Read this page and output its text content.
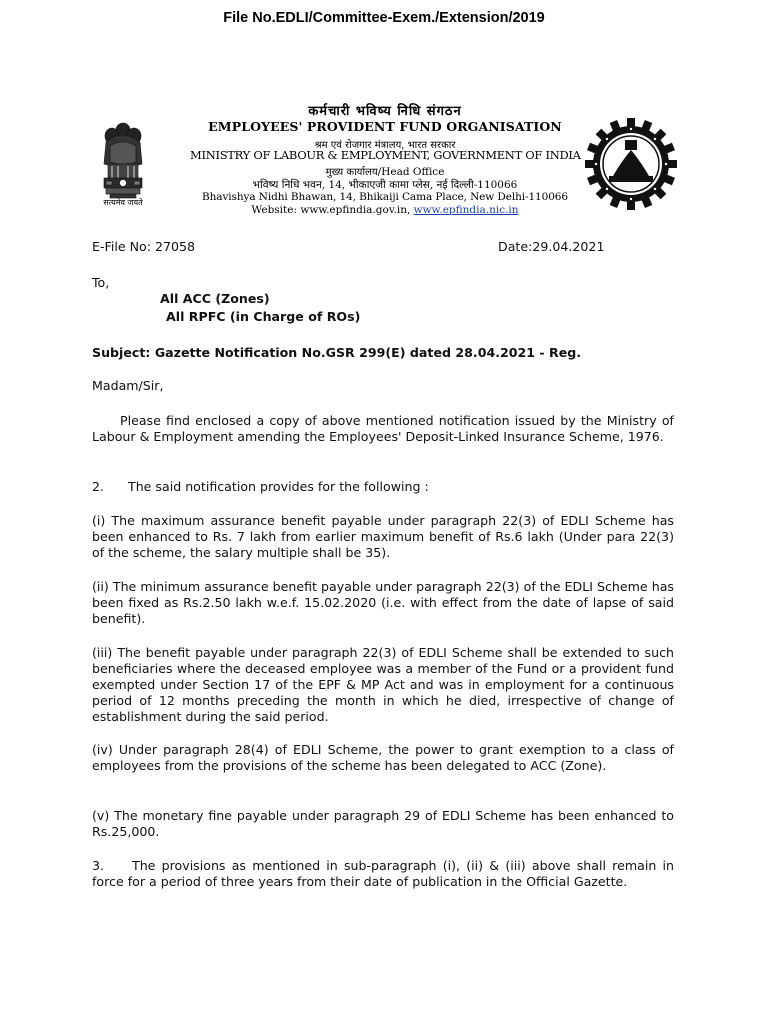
File No.EDLI/Committee-Exem./Extension/2019
सत्यमेव जयते
कर्मचारी भविष्य निधि संगठन
EMPLOYEES' PROVIDENT FUND ORGANISATION
श्रम एवं रोजगार मंत्रालय, भारत सरकार
MINISTRY OF LABOUR & EMPLOYMENT, GOVERNMENT OF INDIA
मुख्य कार्यालय/Head Office
भविष्य निधि भवन, 14, भीकाएजी कामा प्लेस, नई दिल्ली-110066
Bhavishya Nidhi Bhawan, 14, Bhikaiji Cama Place, New Delhi-110066
Website: www.epfindia.gov.in, www.epfindia.nic.in
E-File No: 27058	Date:29.04.2021
To,
All ACC (Zones)
All RPFC (in Charge of ROs)
Subject: Gazette Notification No.GSR 299(E) dated 28.04.2021 - Reg.
Madam/Sir,
Please find enclosed a copy of above mentioned notification issued by the Ministry of Labour & Employment amending the Employees' Deposit-Linked Insurance Scheme, 1976.
2. The said notification provides for the following :
(i) The maximum assurance benefit payable under paragraph 22(3) of EDLI Scheme has been enhanced to Rs. 7 lakh from earlier maximum benefit of Rs.6 lakh (Under para 22(3) of the scheme, the salary multiple shall be 35).
(ii) The minimum assurance benefit payable under paragraph 22(3) of the EDLI Scheme has been fixed as Rs.2.50 lakh w.e.f. 15.02.2020 (i.e. with effect from the date of lapse of said benefit).
(iii) The benefit payable under paragraph 22(3) of EDLI Scheme shall be extended to such beneficiaries where the deceased employee was a member of the Fund or a provident fund exempted under Section 17 of the EPF & MP Act and was in employment for a continuous period of 12 months preceding the month in which he died, irrespective of change of establishment during the said period.
(iv) Under paragraph 28(4) of EDLI Scheme, the power to grant exemption to a class of employees from the provisions of the scheme has been delegated to ACC (Zone).
(v) The monetary fine payable under paragraph 29 of EDLI Scheme has been enhanced to Rs.25,000.
3. The provisions as mentioned in sub-paragraph (i), (ii) & (iii) above shall remain in force for a period of three years from their date of publication in the Official Gazette.
